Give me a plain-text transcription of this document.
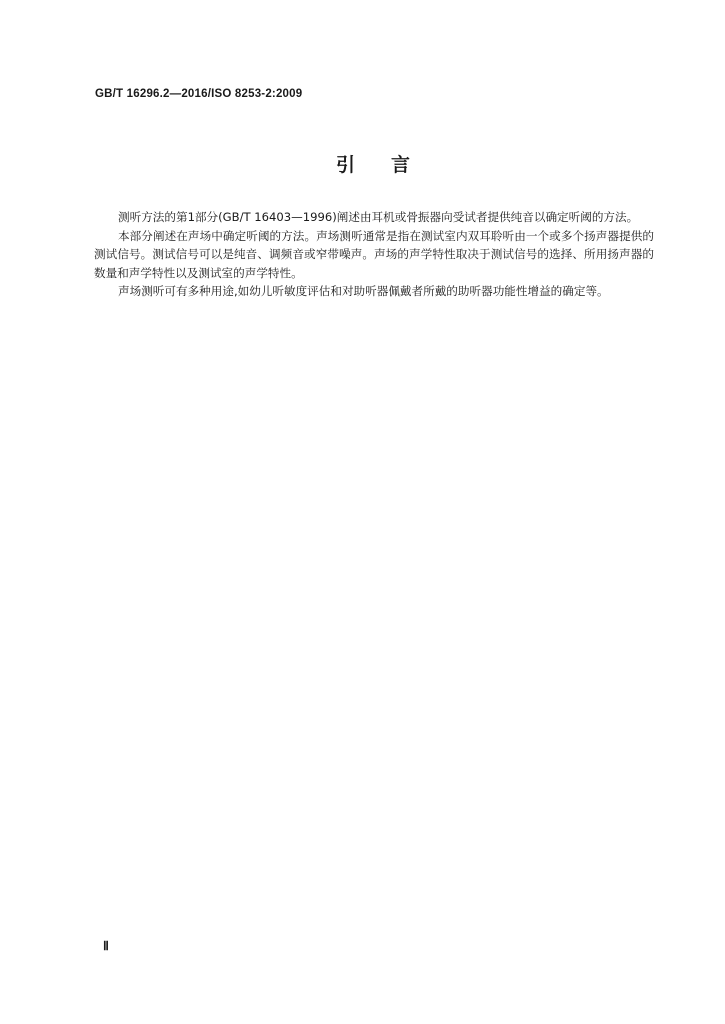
GB/T 16296.2—2016/ISO 8253-2:2009
引言

测听方法的第1部分(GB/T 16403—1996)阐述由耳机或骨振器向受试者提供纯音以确定听阈的方法。

本部分阐述在声场中确定听阈的方法。声场测听通常是指在测试室内双耳聆听由一个或多个扬声器提供的测试信号。测试信号可以是纯音、调频音或窄带噪声。声场的声学特性取决于测试信号的选择、所用扬声器的数量和声学特性以及测试室的声学特性。

声场测听可有多种用途,如幼儿听敏度评估和对助听器佩戴者所戴的助听器功能性增益的确定等。

Ⅱ
